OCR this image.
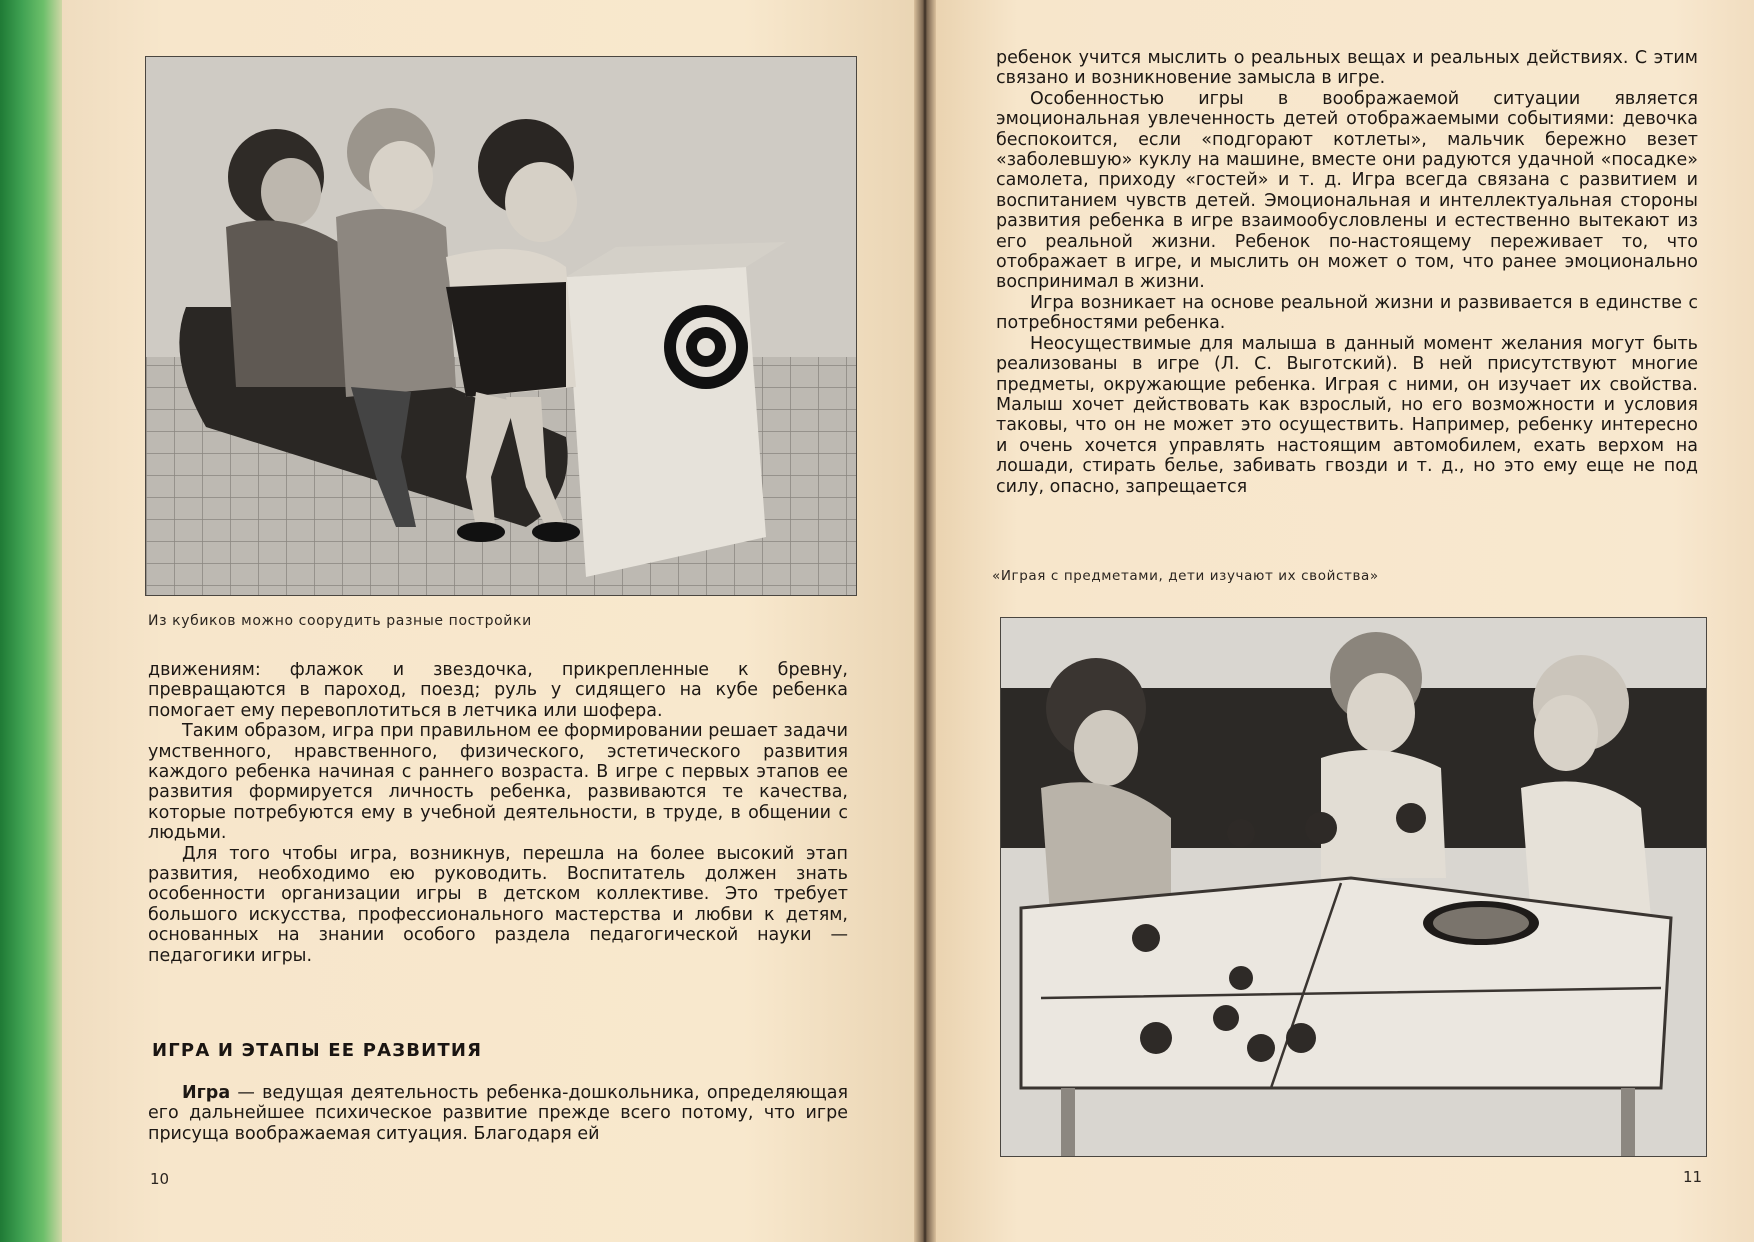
Из кубиков можно соорудить разные постройки

движениям: флажок и звездочка, прикрепленные к бревну, превращаются в пароход, поезд; руль у сидящего на кубе ребенка помогает ему перевоплотиться в летчика или шофера.

Таким образом, игра при правильном ее формировании решает задачи умственного, нравственного, физического, эстетического развития каждого ребенка начиная с раннего возраста. В игре с первых этапов ее развития формируется личность ребенка, развиваются те качества, которые потребуются ему в учебной деятельности, в труде, в общении с людьми.

Для того чтобы игра, возникнув, перешла на более высокий этап развития, необходимо ею руководить. Воспитатель должен знать особенности организации игры в детском коллективе. Это требует большого искусства, профессионального мастерства и любви к детям, основанных на знании особого раздела педагогической науки — педагогики игры.

ИГРА И ЭТАПЫ ЕЕ РАЗВИТИЯ

Игра — ведущая деятельность ребенка-дошкольника, определяющая его дальнейшее психическое развитие прежде всего потому, что игре присуща воображаемая ситуация. Благодаря ей

10

ребенок учится мыслить о реальных вещах и реальных действиях. С этим связано и возникновение замысла в игре.

Особенностью игры в воображаемой ситуации является эмоциональная увлеченность детей отображаемыми событиями: девочка беспокоится, если «подгорают котлеты», мальчик бережно везет «заболевшую» куклу на машине, вместе они радуются удачной «посадке» самолета, приходу «гостей» и т. д. Игра всегда связана с развитием и воспитанием чувств детей. Эмоциональная и интеллектуальная стороны развития ребенка в игре взаимообусловлены и естественно вытекают из его реальной жизни. Ребенок по-настоящему переживает то, что отображает в игре, и мыслить он может о том, что ранее эмоционально воспринимал в жизни.

Игра возникает на основе реальной жизни и развивается в единстве с потребностями ребенка.

Неосуществимые для малыша в данный момент желания могут быть реализованы в игре (Л. С. Выготский). В ней присутствуют многие предметы, окружающие ребенка. Играя с ними, он изучает их свойства. Малыш хочет действовать как взрослый, но его возможности и условия таковы, что он не может это осуществить. Например, ребенку интересно и очень хочется управлять настоящим автомобилем, ехать верхом на лошади, стирать белье, забивать гвозди и т. д., но это ему еще не под силу, опасно, запрещается

«Играя с предметами, дети изучают их свойства»
11
